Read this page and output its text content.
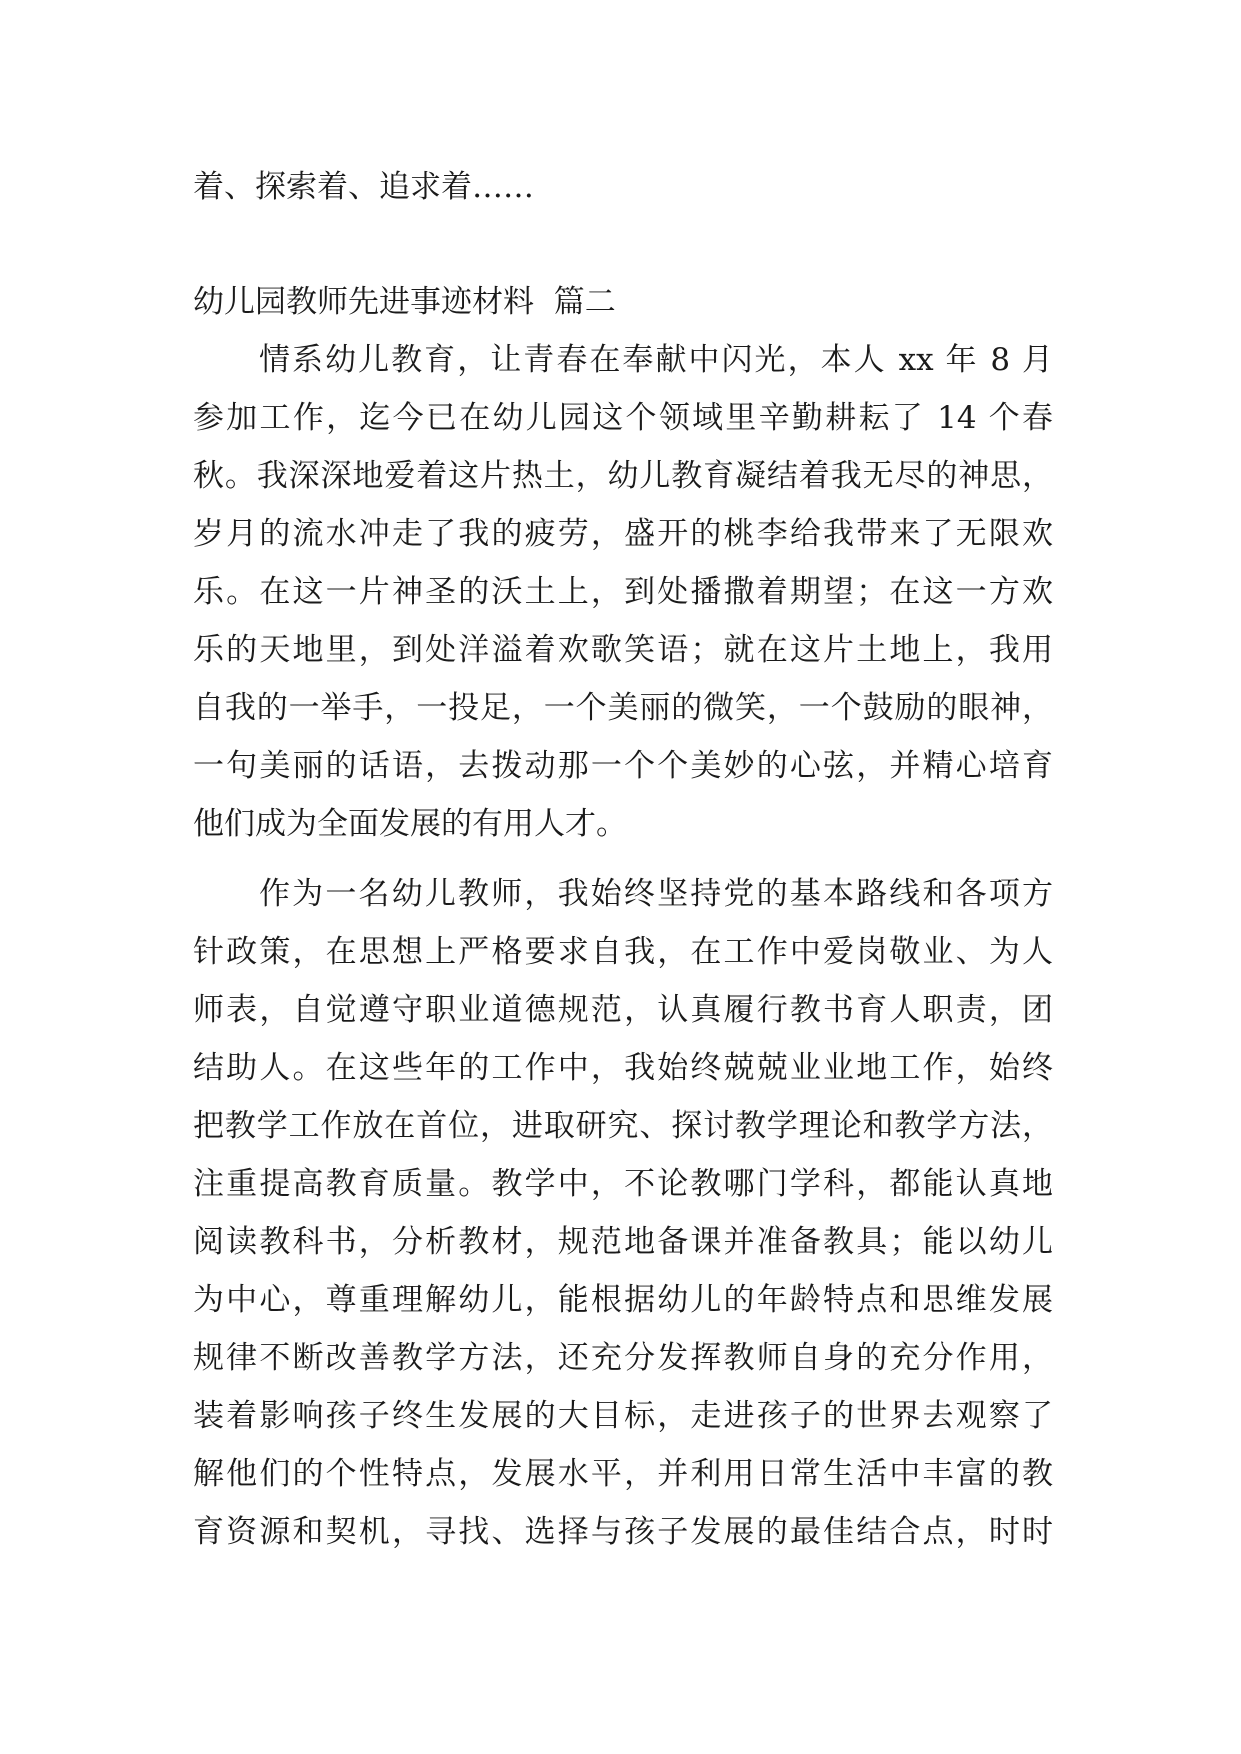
着、探索着、追求着……
幼儿园教师先进事迹材料  篇二
情系幼儿教育，让青春在奉献中闪光，本人 xx 年 8 月
参加工作，迄今已在幼儿园这个领域里辛勤耕耘了 14 个春
秋。我深深地爱着这片热土，幼儿教育凝结着我无尽的神思，
岁月的流水冲走了我的疲劳，盛开的桃李给我带来了无限欢
乐。在这一片神圣的沃土上，到处播撒着期望；在这一方欢
乐的天地里，到处洋溢着欢歌笑语；就在这片土地上，我用
自我的一举手，一投足，一个美丽的微笑，一个鼓励的眼神，
一句美丽的话语，去拨动那一个个美妙的心弦，并精心培育
他们成为全面发展的有用人才。
作为一名幼儿教师，我始终坚持党的基本路线和各项方
针政策，在思想上严格要求自我，在工作中爱岗敬业、为人
师表，自觉遵守职业道德规范，认真履行教书育人职责，团
结助人。在这些年的工作中，我始终兢兢业业地工作，始终
把教学工作放在首位，进取研究、探讨教学理论和教学方法，
注重提高教育质量。教学中，不论教哪门学科，都能认真地
阅读教科书，分析教材，规范地备课并准备教具；能以幼儿
为中心，尊重理解幼儿，能根据幼儿的年龄特点和思维发展
规律不断改善教学方法，还充分发挥教师自身的充分作用，
装着影响孩子终生发展的大目标，走进孩子的世界去观察了
解他们的个性特点，发展水平，并利用日常生活中丰富的教
育资源和契机，寻找、选择与孩子发展的最佳结合点，时时
